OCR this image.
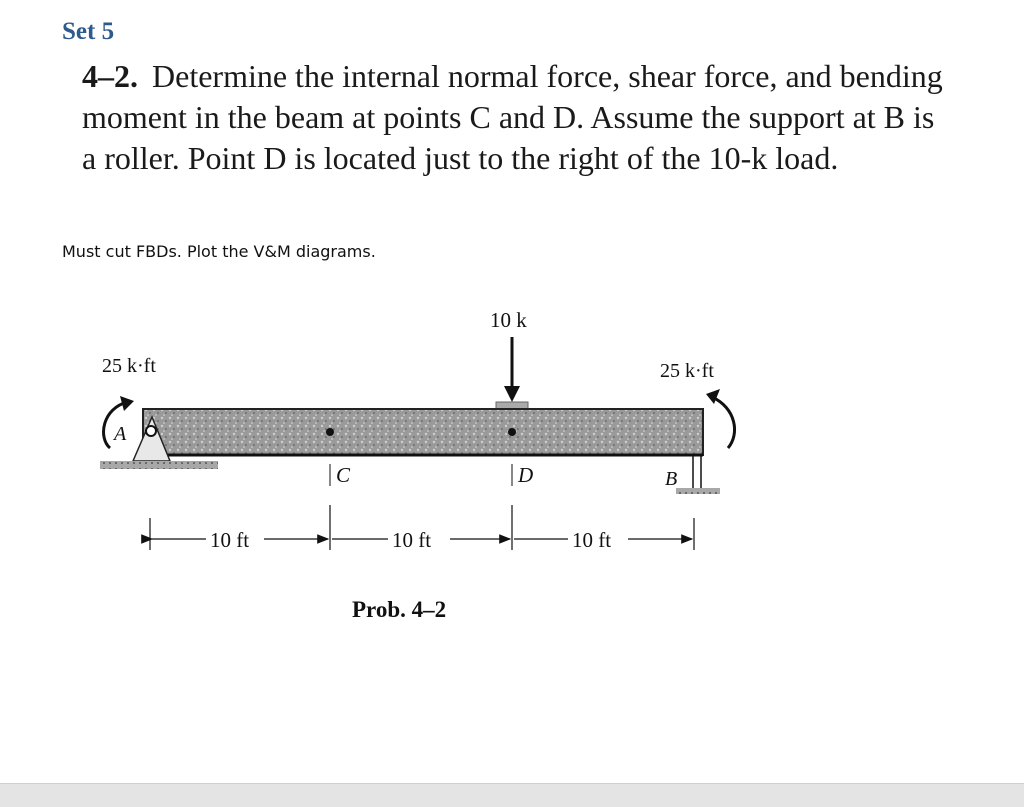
Set 5
4–2. Determine the internal normal force, shear force, and bending moment in the beam at points C and D. Assume the support at B is a roller. Point D is located just to the right of the 10-k load.
Must cut FBDs. Plot the V&M diagrams.
10 k
A
B
C	D
25 k·ft	25 k·ft
10 ft	10 ft	10 ft
Prob. 4–2
